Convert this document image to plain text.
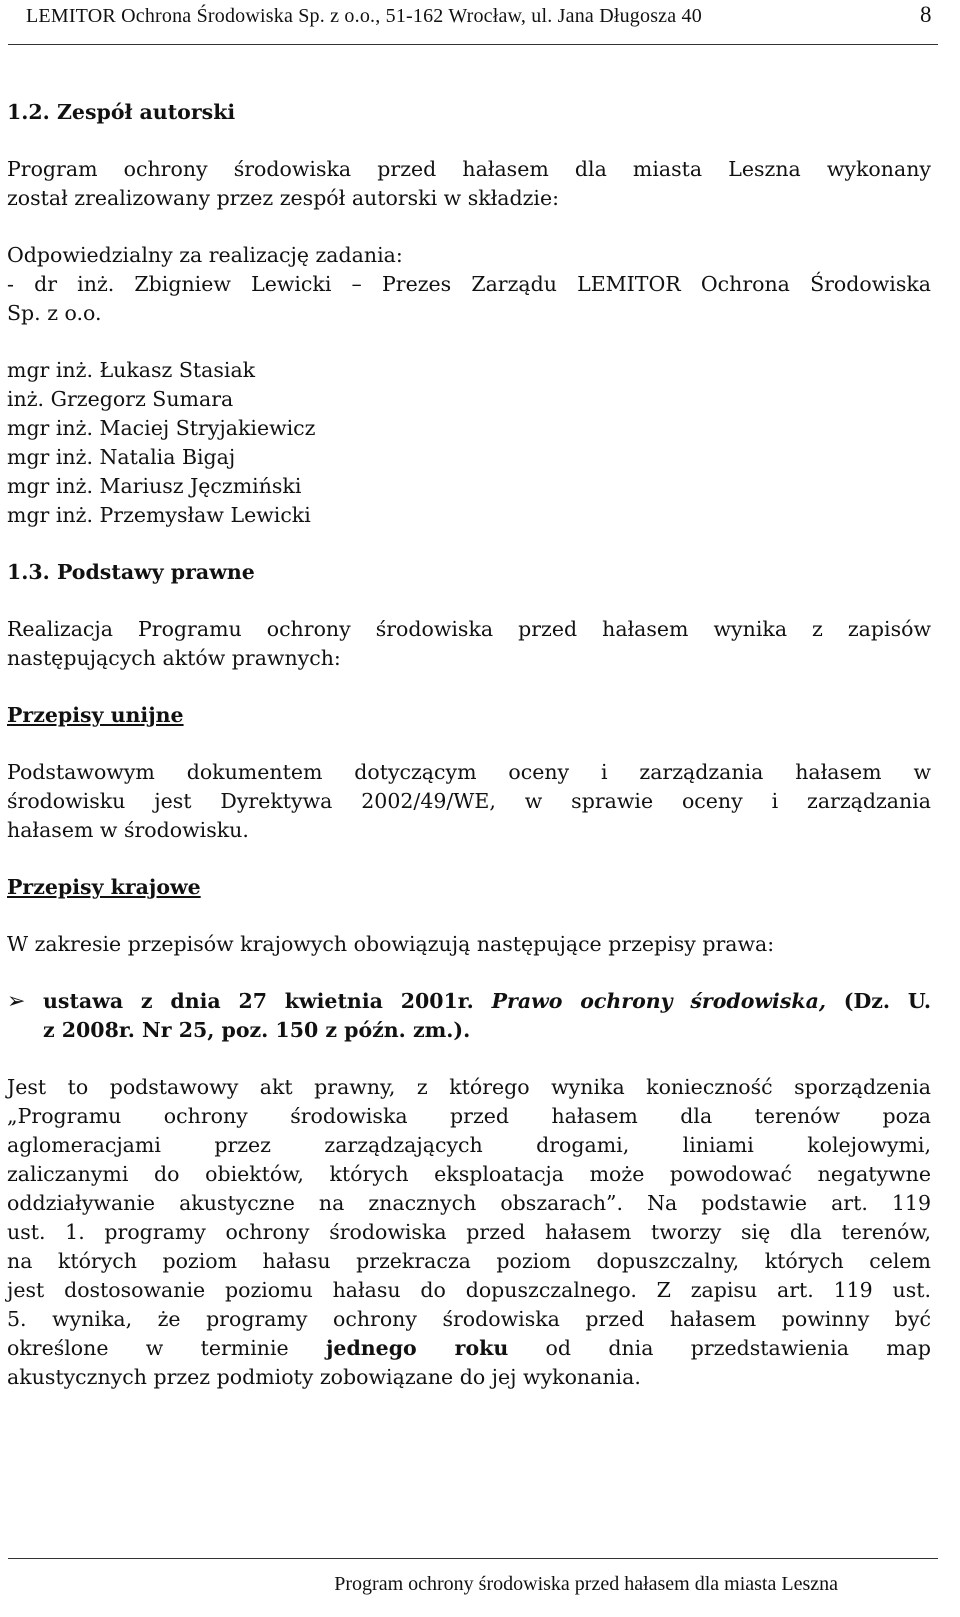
LEMITOR Ochrona Środowiska Sp. z o.o., 51-162 Wrocław, ul. Jana Długosza 40	8
1.2. Zespół autorski
Program ochrony środowiska przed hałasem dla miasta Leszna wykonany
został zrealizowany przez zespół autorski w składzie:
Odpowiedzialny za realizację zadania:
- dr inż. Zbigniew Lewicki – Prezes Zarządu LEMITOR Ochrona Środowiska
Sp. z o.o.
mgr inż. Łukasz Stasiak
inż. Grzegorz Sumara
mgr inż. Maciej Stryjakiewicz
mgr inż. Natalia Bigaj
mgr inż. Mariusz Jęczmiński
mgr inż. Przemysław Lewicki
1.3. Podstawy prawne
Realizacja Programu ochrony środowiska przed hałasem wynika z zapisów
następujących aktów prawnych:
Przepisy unijne
Podstawowym dokumentem dotyczącym oceny i zarządzania hałasem w
środowisku jest Dyrektywa 2002/49/WE, w sprawie oceny i zarządzania
hałasem w środowisku.
Przepisy krajowe
W zakresie przepisów krajowych obowiązują następujące przepisy prawa:
➢ ustawa z dnia 27 kwietnia 2001r. Prawo ochrony środowiska, (Dz. U.
z 2008r. Nr 25, poz. 150 z późn. zm.).
Jest to podstawowy akt prawny, z którego wynika konieczność sporządzenia
„Programu ochrony środowiska przed hałasem dla terenów poza
aglomeracjami przez zarządzających drogami, liniami kolejowymi,
zaliczanymi do obiektów, których eksploatacja może powodować negatywne
oddziaływanie akustyczne na znacznych obszarach”. Na podstawie art. 119
ust. 1. programy ochrony środowiska przed hałasem tworzy się dla terenów,
na których poziom hałasu przekracza poziom dopuszczalny, których celem
jest dostosowanie poziomu hałasu do dopuszczalnego. Z zapisu art. 119 ust.
5. wynika, że programy ochrony środowiska przed hałasem powinny być
określone w terminie jednego roku od dnia przedstawienia map
akustycznych przez podmioty zobowiązane do jej wykonania.
Program ochrony środowiska przed hałasem dla miasta Leszna
